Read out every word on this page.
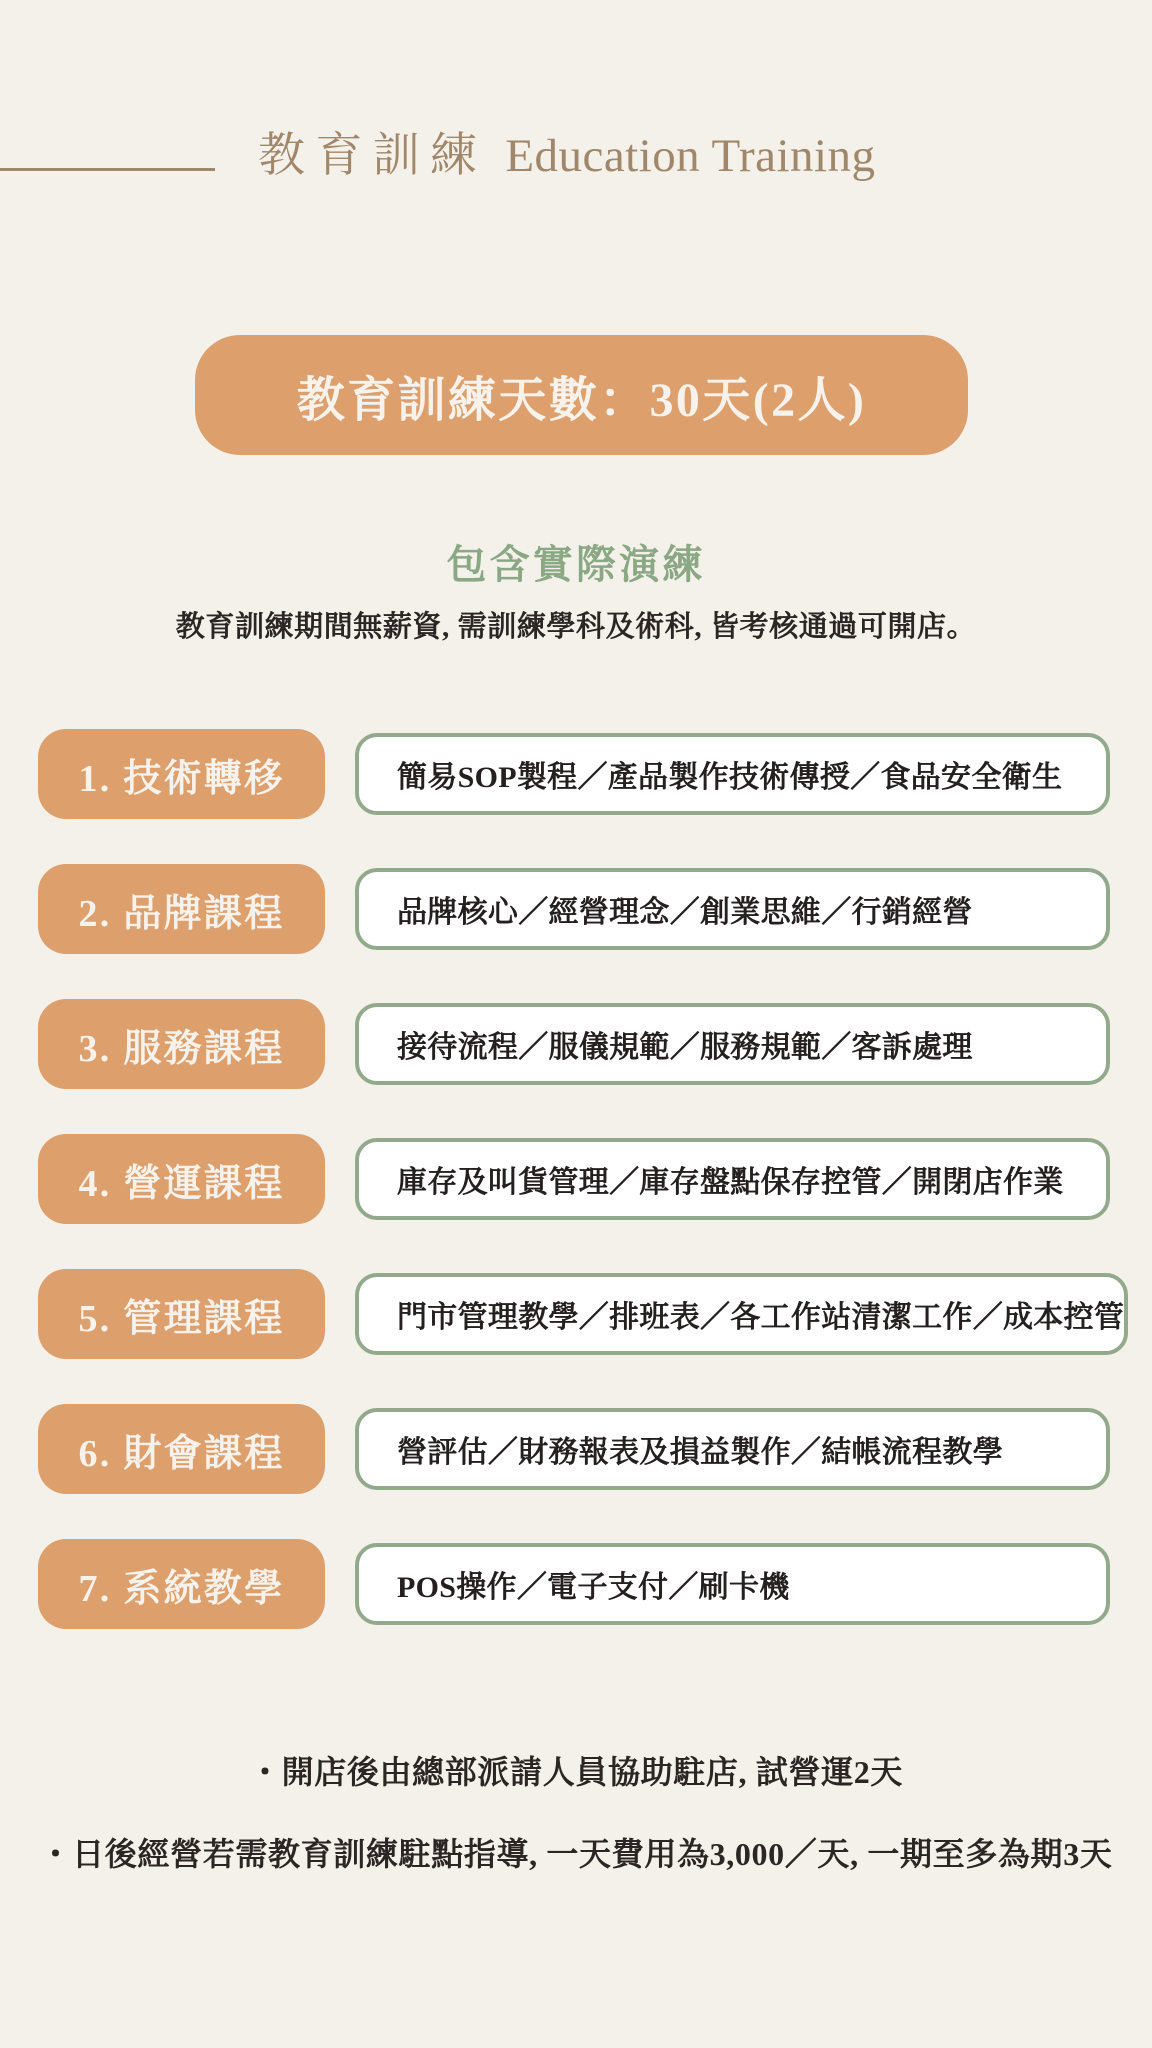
教育訓練 Education Training
教育訓練天數：30天(2人)
包含實際演練
教育訓練期間無薪資, 需訓練學科及術科, 皆考核通過可開店。
1. 技術轉移	簡易SOP製程／產品製作技術傳授／食品安全衛生
2. 品牌課程	品牌核心／經營理念／創業思維／行銷經營
3. 服務課程	接待流程／服儀規範／服務規範／客訴處理
4. 營運課程	庫存及叫貨管理／庫存盤點保存控管／開閉店作業
5. 管理課程	門市管理教學／排班表／各工作站清潔工作／成本控管
6. 財會課程	營評估／財務報表及損益製作／結帳流程教學
7. 系統教學	POS操作／電子支付／刷卡機
・開店後由總部派請人員協助駐店, 試營運2天
・日後經營若需教育訓練駐點指導, 一天費用為3,000／天, 一期至多為期3天
